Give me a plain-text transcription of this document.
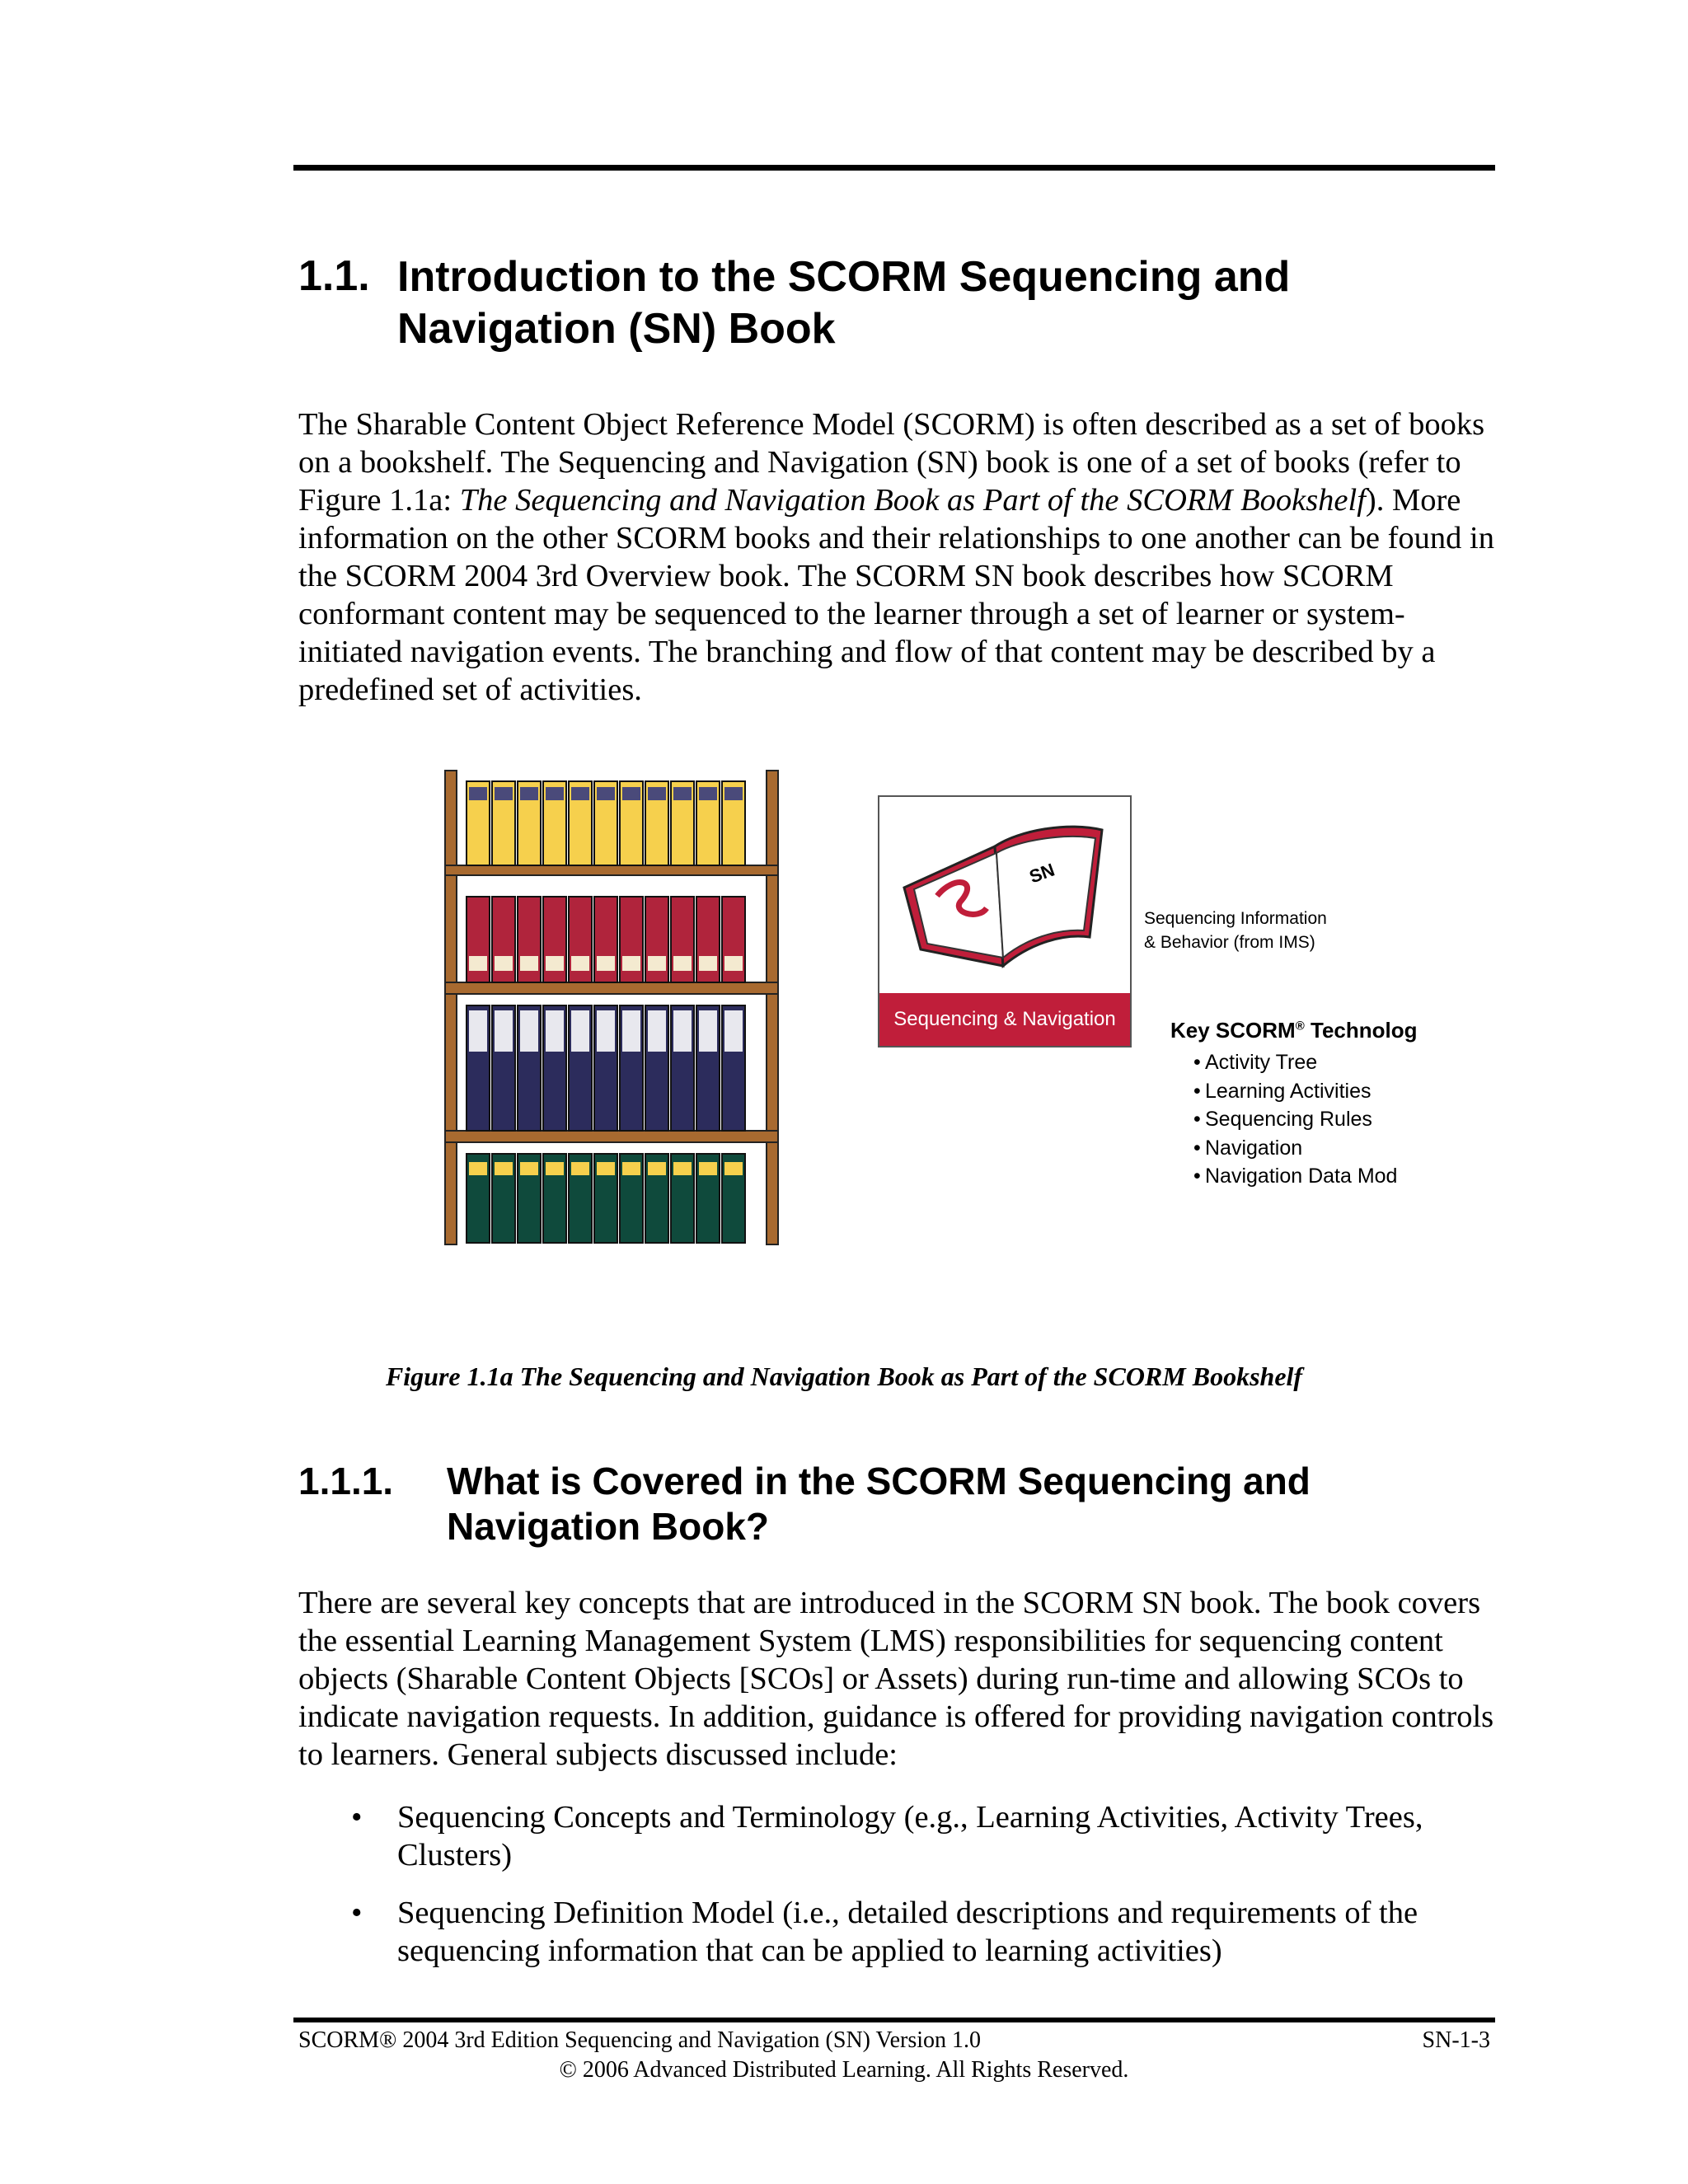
1.1. Introduction to the SCORM Sequencing and Navigation (SN) Book

The Sharable Content Object Reference Model (SCORM) is often described as a set of books on a bookshelf. The Sequencing and Navigation (SN) book is one of a set of books (refer to Figure 1.1a: The Sequencing and Navigation Book as Part of the SCORM Bookshelf). More information on the other SCORM books and their relationships to one another can be found in the SCORM 2004 3rd Overview book. The SCORM SN book describes how SCORM conformant content may be sequenced to the learner through a set of learner or system-initiated navigation events. The branching and flow of that content may be described by a predefined set of activities.

SN
Sequencing & Navigation
Sequencing Information
& Behavior (from IMS)
Key SCORM® Technolog
• Activity Tree
• Learning Activities
• Sequencing Rules
• Navigation
• Navigation Data Mod
Figure 1.1a The Sequencing and Navigation Book as Part of the SCORM Bookshelf
1.1.1. What is Covered in the SCORM Sequencing and Navigation Book?

There are several key concepts that are introduced in the SCORM SN book. The book covers the essential Learning Management System (LMS) responsibilities for sequencing content objects (Sharable Content Objects [SCOs] or Assets) during run-time and allowing SCOs to indicate navigation requests. In addition, guidance is offered for providing navigation controls to learners. General subjects discussed include:

• Sequencing Concepts and Terminology (e.g., Learning Activities, Activity Trees, Clusters)
• Sequencing Definition Model (i.e., detailed descriptions and requirements of the sequencing information that can be applied to learning activities)
SCORM® 2004 3rd Edition Sequencing and Navigation (SN) Version 1.0	SN-1-3
© 2006 Advanced Distributed Learning. All Rights Reserved.
